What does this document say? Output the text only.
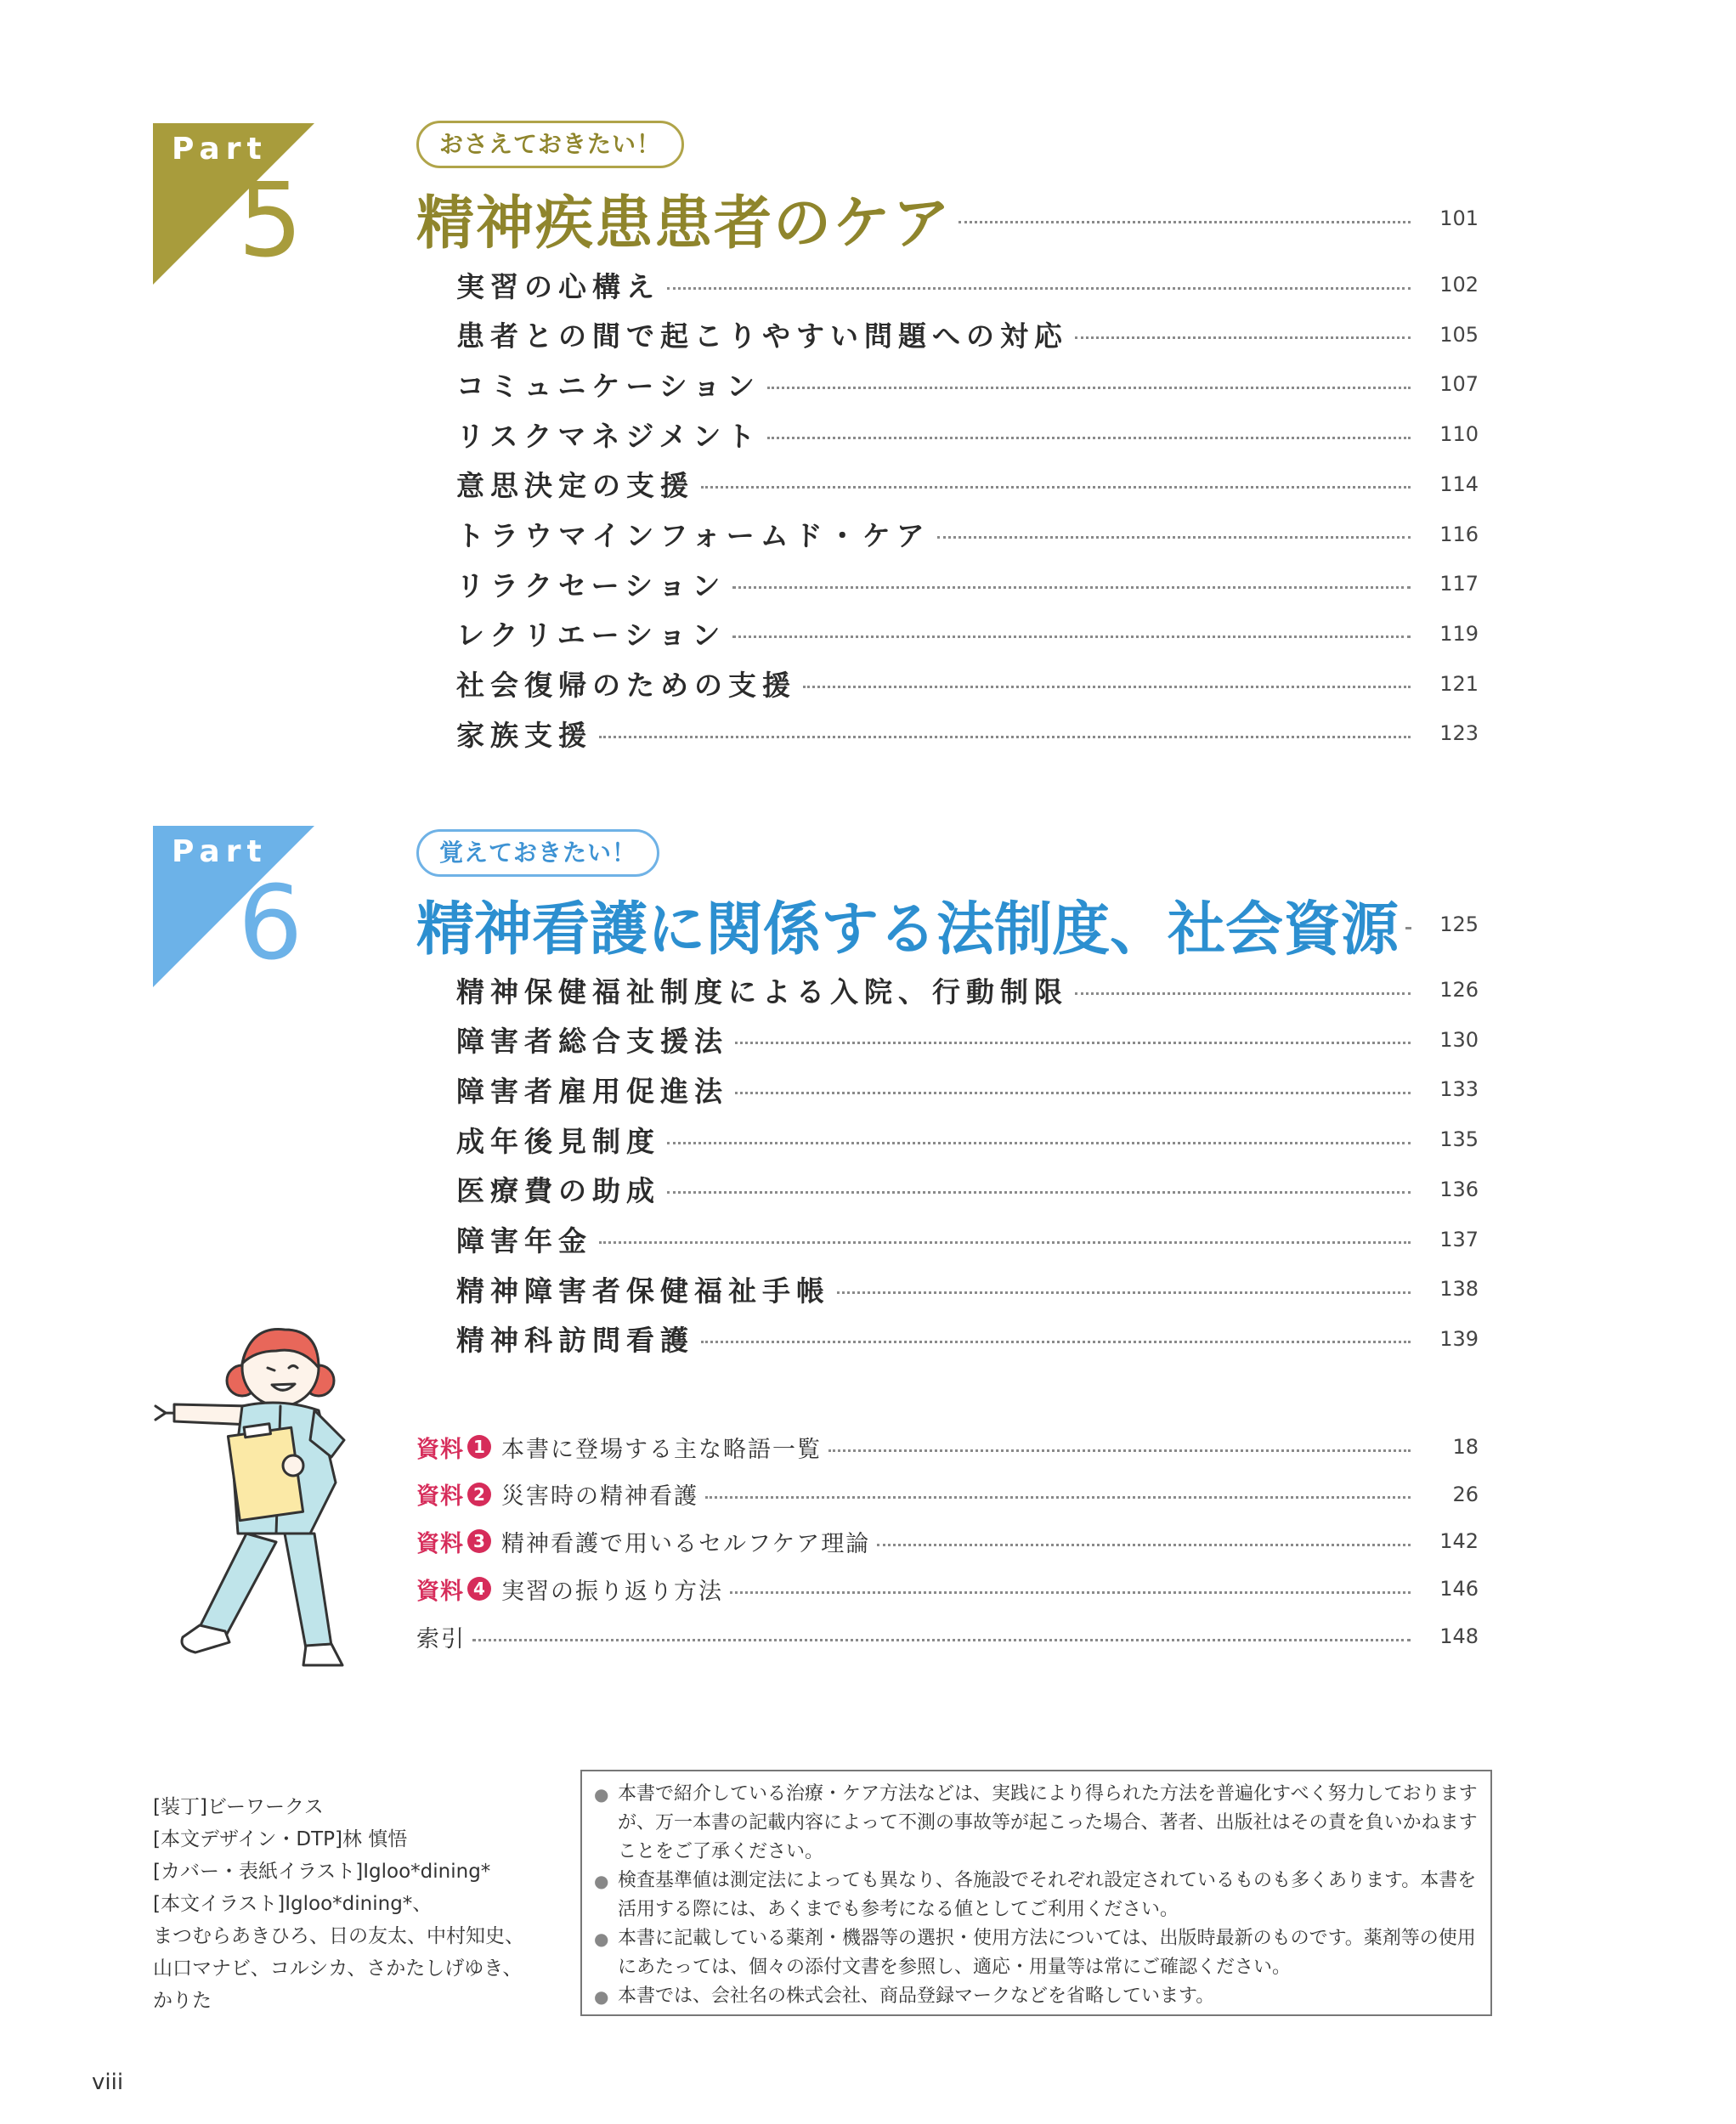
Part
5
おさえておきたい！
精神疾患患者のケア	101
実習の心構え	102
患者との間で起こりやすい問題への対応	105
コミュニケーション	107
リスクマネジメント	110
意思決定の支援	114
トラウマインフォームド・ケア	116
リラクセーション	117
レクリエーション	119
社会復帰のための支援	121
家族支援	123
Part
6
覚えておきたい！
精神看護に関係する法制度、社会資源	125
精神保健福祉制度による入院、行動制限	126
障害者総合支援法	130
障害者雇用促進法	133
成年後見制度	135
医療費の助成	136
障害年金	137
精神障害者保健福祉手帳	138
精神科訪問看護	139
資料 1 本書に登場する主な略語一覧	18
資料 2 災害時の精神看護	26
資料 3 精神看護で用いるセルフケア理論	142
資料 4 実習の振り返り方法	146
索引	148
[装丁]ビーワークス
[本文デザイン・DTP]林 慎悟
[カバー・表紙イラスト]Igloo*dining*
[本文イラスト]Igloo*dining*、
まつむらあきひろ、日の友太、中村知史、
山口マナビ、コルシカ、さかたしげゆき、
かりた
● 本書で紹介している治療・ケア方法などは、実践により得られた方法を普遍化すべく努力しておりますが、万一本書の記載内容によって不測の事故等が起こった場合、著者、出版社はその責を負いかねますことをご了承ください。
● 検査基準値は測定法によっても異なり、各施設でそれぞれ設定されているものも多くあります。本書を活用する際には、あくまでも参考になる値としてご利用ください。
● 本書に記載している薬剤・機器等の選択・使用方法については、出版時最新のものです。薬剤等の使用にあたっては、個々の添付文書を参照し、適応・用量等は常にご確認ください。
● 本書では、会社名の株式会社、商品登録マークなどを省略しています。
viii
